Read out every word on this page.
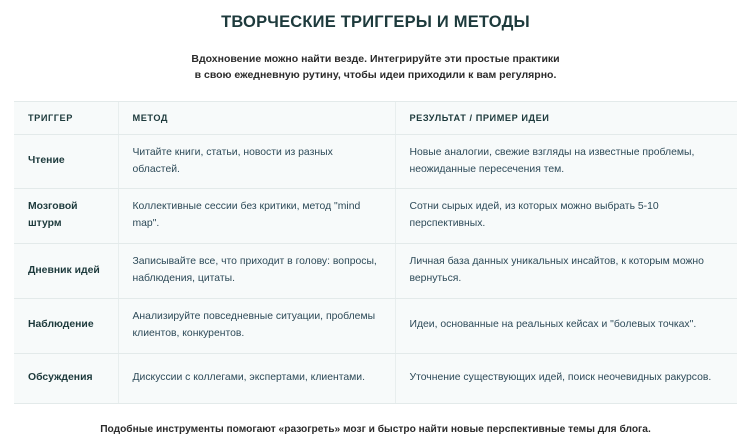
ТВОРЧЕСКИЕ ТРИГГЕРЫ И МЕТОДЫ

Вдохновение можно найти везде. Интегрируйте эти простые практики
в свою ежедневную рутину, чтобы идеи приходили к вам регулярно.

ТРИГГЕР	МЕТОД	РЕЗУЛЬТАТ / ПРИМЕР ИДЕИ
Чтение	Читайте книги, статьи, новости из разных областей.	Новые аналогии, свежие взгляды на известные проблемы, неожиданные пересечения тем.
Мозговой штурм	Коллективные сессии без критики, метод "mind map".	Сотни сырых идей, из которых можно выбрать 5-10 перспективных.
Дневник идей	Записывайте все, что приходит в голову: вопросы, наблюдения, цитаты.	Личная база данных уникальных инсайтов, к которым можно вернуться.
Наблюдение	Анализируйте повседневные ситуации, проблемы клиентов, конкурентов.	Идеи, основанные на реальных кейсах и "болевых точках".
Обсуждения	Дискуссии с коллегами, экспертами, клиентами.	Уточнение существующих идей, поиск неочевидных ракурсов.

Подобные инструменты помогают «разогреть» мозг и быстро найти новые перспективные темы для блога.
